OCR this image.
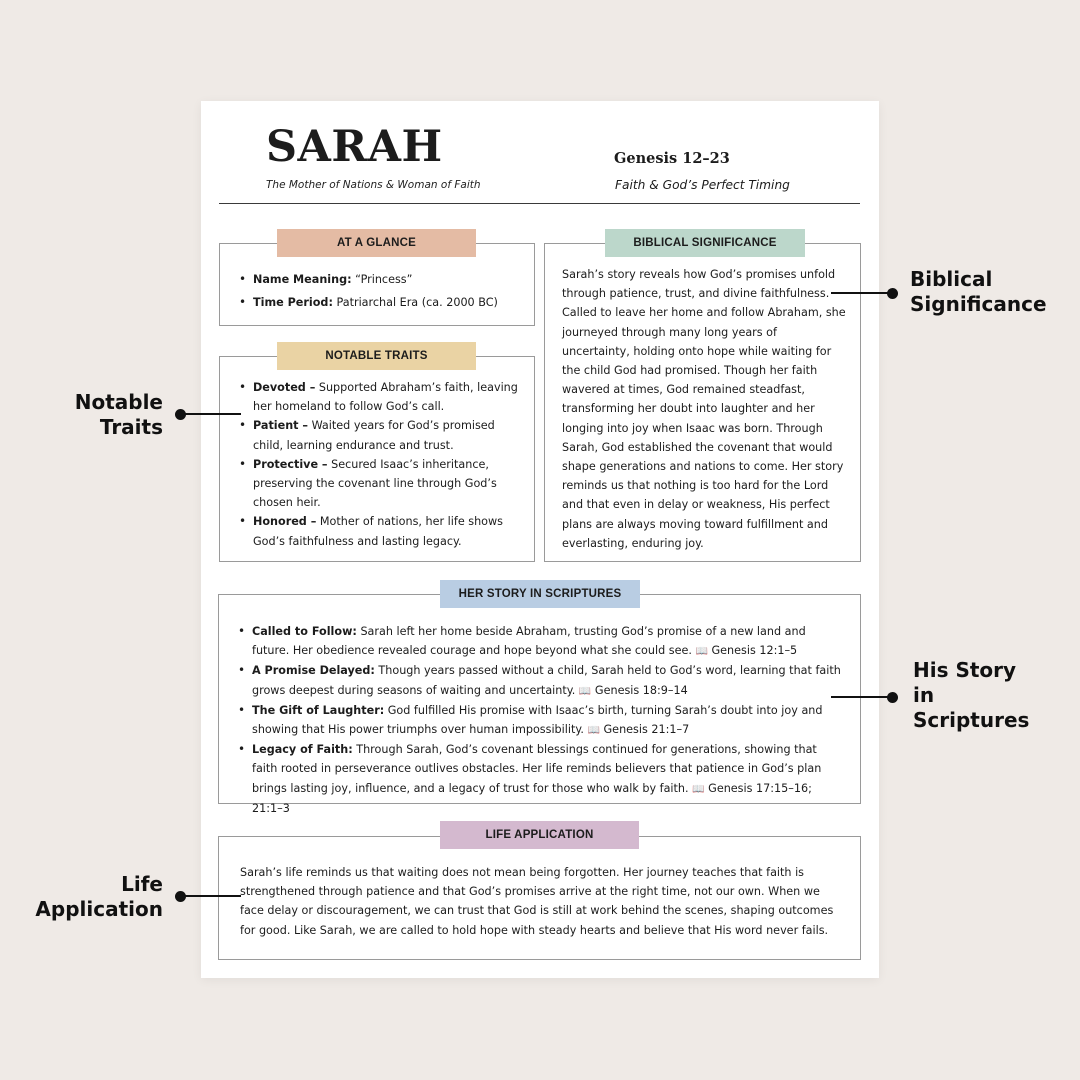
SARAH
The Mother of Nations & Woman of Faith
Genesis 12–23
Faith & God’s Perfect Timing
• Name Meaning: “Princess”
• Time Period: Patriarchal Era (ca. 2000 BC)
AT A GLANCE
• Devoted – Supported Abraham’s faith, leaving her homeland to follow God’s call.
• Patient – Waited years for God’s promised child, learning endurance and trust.
• Protective – Secured Isaac’s inheritance, preserving the covenant line through God’s chosen heir.
• Honored – Mother of nations, her life shows God’s faithfulness and lasting legacy.
NOTABLE TRAITS

Sarah’s story reveals how God’s promises unfold through patience, trust, and divine faithfulness. Called to leave her home and follow Abraham, she journeyed through many long years of uncertainty, holding onto hope while waiting for the child God had promised. Though her faith wavered at times, God remained steadfast, transforming her doubt into laughter and her longing into joy when Isaac was born. Through Sarah, God established the covenant that would shape generations and nations to come. Her story reminds us that nothing is too hard for the Lord and that even in delay or weakness, His perfect plans are always moving toward fulfillment and everlasting, enduring joy.

BIBLICAL SIGNIFICANCE
• Called to Follow: Sarah left her home beside Abraham, trusting God’s promise of a new land and future. Her obedience revealed courage and hope beyond what she could see. 📖 Genesis 12:1–5
• A Promise Delayed: Though years passed without a child, Sarah held to God’s word, learning that faith grows deepest during seasons of waiting and uncertainty. 📖 Genesis 18:9–14
• The Gift of Laughter: God fulfilled His promise with Isaac’s birth, turning Sarah’s doubt into joy and showing that His power triumphs over human impossibility. 📖 Genesis 21:1–7
• Legacy of Faith: Through Sarah, God’s covenant blessings continued for generations, showing that faith rooted in perseverance outlives obstacles. Her life reminds believers that patience in God’s plan brings lasting joy, influence, and a legacy of trust for those who walk by faith. 📖 Genesis 17:15–16; 21:1–3
HER STORY IN SCRIPTURES

Sarah’s life reminds us that waiting does not mean being forgotten. Her journey teaches that faith is strengthened through patience and that God’s promises arrive at the right time, not our own. When we face delay or discouragement, we can trust that God is still at work behind the scenes, shaping outcomes for good. Like Sarah, we are called to hold hope with steady hearts and believe that His word never fails.

LIFE APPLICATION
Biblical
Significance
Notable
Traits
His Story
in
Scriptures
Life
Application
